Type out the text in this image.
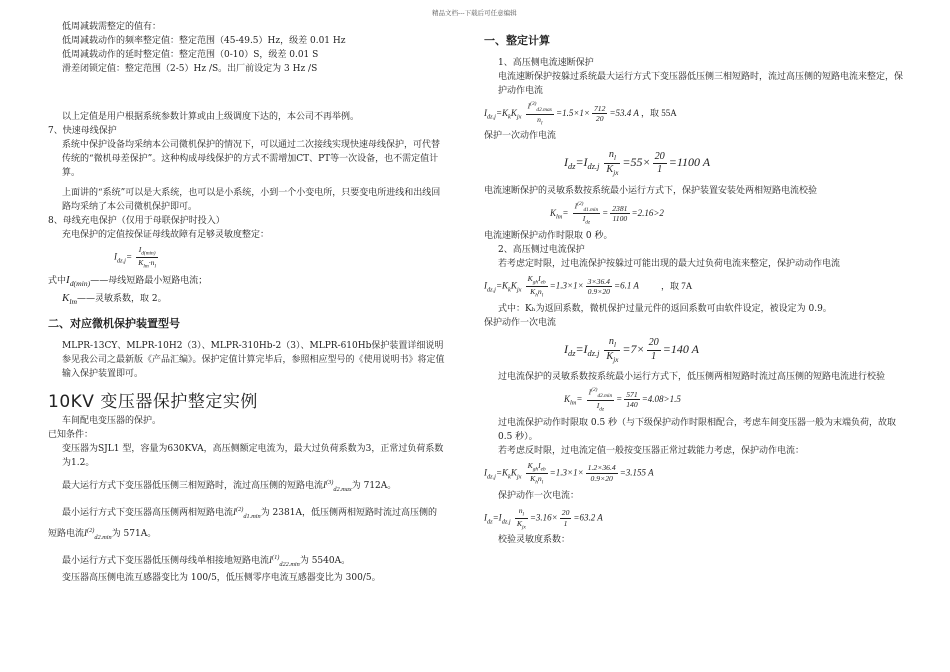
精品文档---下载后可任意编辑

低周减载需整定的值有：

低周减载动作的频率整定值：整定范围（45-49.5）Hz，级差 0.01 Hz

低周减载动作的延时整定值：整定范围（0-10）S，级差 0.01 S

滑差闭锁定值：整定范围（2-5）Hz /S。出厂前设定为 3 Hz /S

以上定值是用户根据系统参数计算或由上级调度下达的，本公司不再举例。

7、快速母线保护

系统中保护设备均采纳本公司微机保护的情况下，可以通过二次接线实现快速母线保护，可代替传统的“微机母差保护”。这种构成母线保护的方式不需增加CT、PT等一次设备，也不需定值计算。

上面讲的“系统”可以是大系统，也可以是小系统，小到一个小变电所，只要变电所进线和出线回路均采纳了本公司微机保护即可。

8、母线充电保护（仅用于母联保护时投入）

充电保护的定值按保证母线故障有足够灵敏度整定：

$I_{dz.j}= \frac{I_{d(min)}}{K_{lm}\cdot n_l}$

式中$I_{d(min)}——$母线短路最小短路电流；

$K_{lm}——$灵敏系数，取 2。

二、对应微机保护装置型号

MLPR-13CY、MLPR-10H2（3）、MLPR-310Hb-2（3）、MLPR-610Hb保护装置详细说明参见我公司之最新版《产品汇编》。保护定值计算完毕后，参照相应型号的《使用说明书》将定值输入保护装置即可。

10KV 变压器保护整定实例

车间配电变压器的保护。

已知条件：

变压器为SJL1 型，容量为630KVA，高压侧额定电流为，最大过负荷系数为3，正常过负荷系数为1.2。

最大运行方式下变压器低压侧三相短路时，流过高压侧的短路电流$I^{(3)}_{d2.max}$为 712A。

最小运行方式下变压器高压侧两相短路电流$I^{(2)}_{d1.min}$为 2381A，低压侧两相短路时流过高压侧的

短路电流$I^{(2)}_{d2.min}$为 571A。

最小运行方式下变压器低压侧母线单相接地短路电流$I^{(1)}_{d22.min}$为 5540A。

变压器高压侧电流互感器变比为 100/5，低压侧零序电流互感器变比为 300/5。

一、整定计算

1、高压侧电流速断保护

电流速断保护按躲过系统最大运行方式下变压器低压侧三相短路时，流过高压侧的短路电流来整定，保护动作电流

$I_{dz.j}=K_kK_{jx} \frac{I^{(3)}_{d2.max}}{n_l} =1.5\times 1\times \frac{712}{20} =53.4$ A ，取 55A

保护一次动作电流

$I_{dz}=I_{dz.j} \frac{n_l}{K_{jx}} =55\times \frac{20}{1} =1100$ A

电流速断保护的灵敏系数按系统最小运行方式下，保护装置安装处两相短路电流校验

$K_{lm}= \frac{I^{(2)}_{d1.min}}{I_{dz}} = \frac{2381}{1100} =2.16>2$

电流速断保护动作时限取 0 秒。

2、高压侧过电流保护

若考虑定时限，过电流保护按躲过可能出现的最大过负荷电流来整定，保护动动作电流

$I_{dz.j}=K_kK_{jx} \frac{K_{gh}I_{eb}}{K_hn_l} =1.3\times 1\times \frac{3\times 36.4}{0.9\times 20} =6.1$ A ，取 7A

式中：Kₕ为返回系数，微机保护过量元件的返回系数可由软件设定，被设定为 0.9。

保护动作一次电流

$I_{dz}=I_{dz.j} \frac{n_l}{K_{jx}} =7\times \frac{20}{1} =140$ A

过电流保护的灵敏系数按系统最小运行方式下，低压侧两相短路时流过高压侧的短路电流进行校验

$K_{lm}= \frac{I^{(2)}_{d2.min}}{I_{dz}} = \frac{571}{140} =4.08>1.5$

过电流保护动作时限取 0.5 秒（与下级保护动作时限相配合，考虑车间变压器一般为末端负荷，故取 0.5 秒）。

若考虑反时限，过电流定值一般按变压器正常过载能力考虑，保护动作电流：

$I_{dz.j}=K_kK_{jx} \frac{K_{gh}I_{eb}}{K_hn_l} =1.3\times 1\times \frac{1.2\times 36.4}{0.9\times 20} =3.155$ A

保护动作一次电流：

$I_{dz}=I_{dz.j} \frac{n_l}{K_{jx}} =3.16\times \frac{20}{1} =63.2$ A

校验灵敏度系数：
